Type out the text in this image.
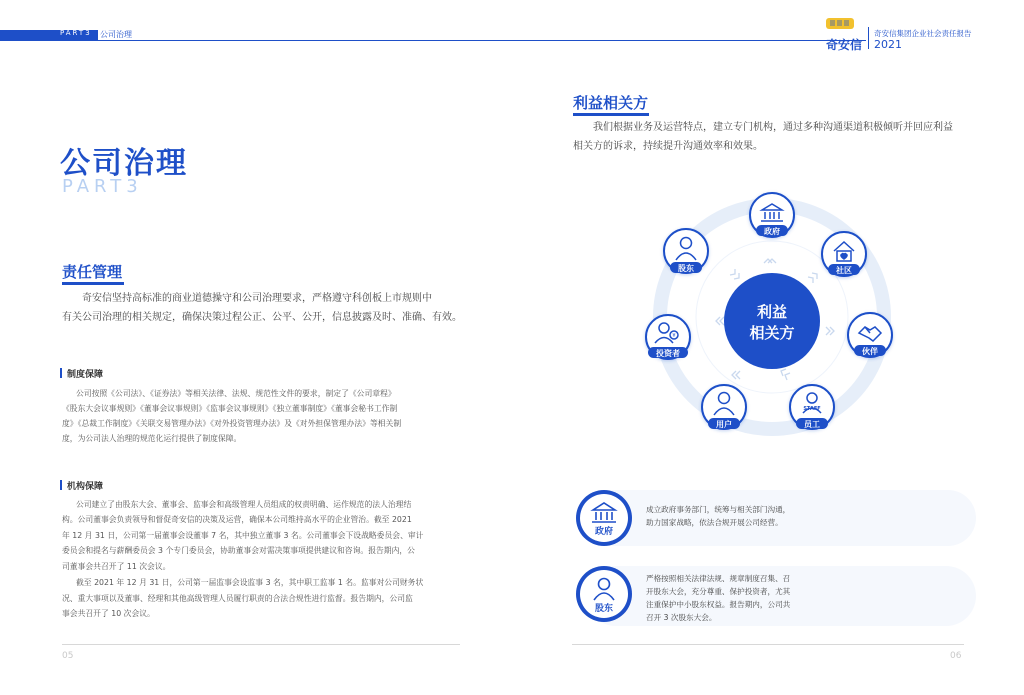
PART3 公司治理
奇安信
奇安信集团企业社会责任报告
2021
公司治理
PART3
责任管理
奇安信坚持高标准的商业道德操守和公司治理要求，严格遵守科创板上市规则中
有关公司治理的相关规定，确保决策过程公正、公平、公开，信息披露及时、准确、有效。
制度保障
公司按照《公司法》、《证券法》等相关法律、法规、规范性文件的要求，制定了《公司章程》
《股东大会议事规则》《董事会议事规则》《监事会议事规则》《独立董事制度》《董事会秘书工作制
度》《总裁工作制度》《关联交易管理办法》《对外投资管理办法》及《对外担保管理办法》等相关制
度，为公司法人治理的规范化运行提供了制度保障。
机构保障
公司建立了由股东大会、董事会、监事会和高级管理人员组成的权责明确、运作规范的法人治理结
构。公司董事会负责领导和督促奇安信的决策及运营，确保本公司维持高水平的企业管治。截至 2021
年 12 月 31 日，公司第一届董事会设董事 7 名，其中独立董事 3 名。公司董事会下设战略委员会、审计
委员会和提名与薪酬委员会 3 个专门委员会，协助董事会对需决策事项提供建议和咨询。报告期内，公
司董事会共召开了 11 次会议。
截至 2021 年 12 月 31 日，公司第一届监事会设监事 3 名，其中职工监事 1 名。监事对公司财务状
况、重大事项以及董事、经理和其他高级管理人员履行职责的合法合规性进行监督。报告期内，公司监
事会共召开了 10 次会议。
05
利益相关方
我们根据业务及运营特点，建立专门机构，通过多种沟通渠道积极倾听并回应利益
相关方的诉求，持续提升沟通效率和效果。
利益
相关方
政府
社区
伙伴
STAFF
员工
用户
¥
投资者
股东
政府
成立政府事务部门，统筹与相关部门沟通，
助力国家战略，依法合规开展公司经营。
股东
严格按照相关法律法规、规章制度召集、召
开股东大会，充分尊重、保护投资者，尤其
注重保护中小股东权益。报告期内，公司共
召开 3 次股东大会。
06
